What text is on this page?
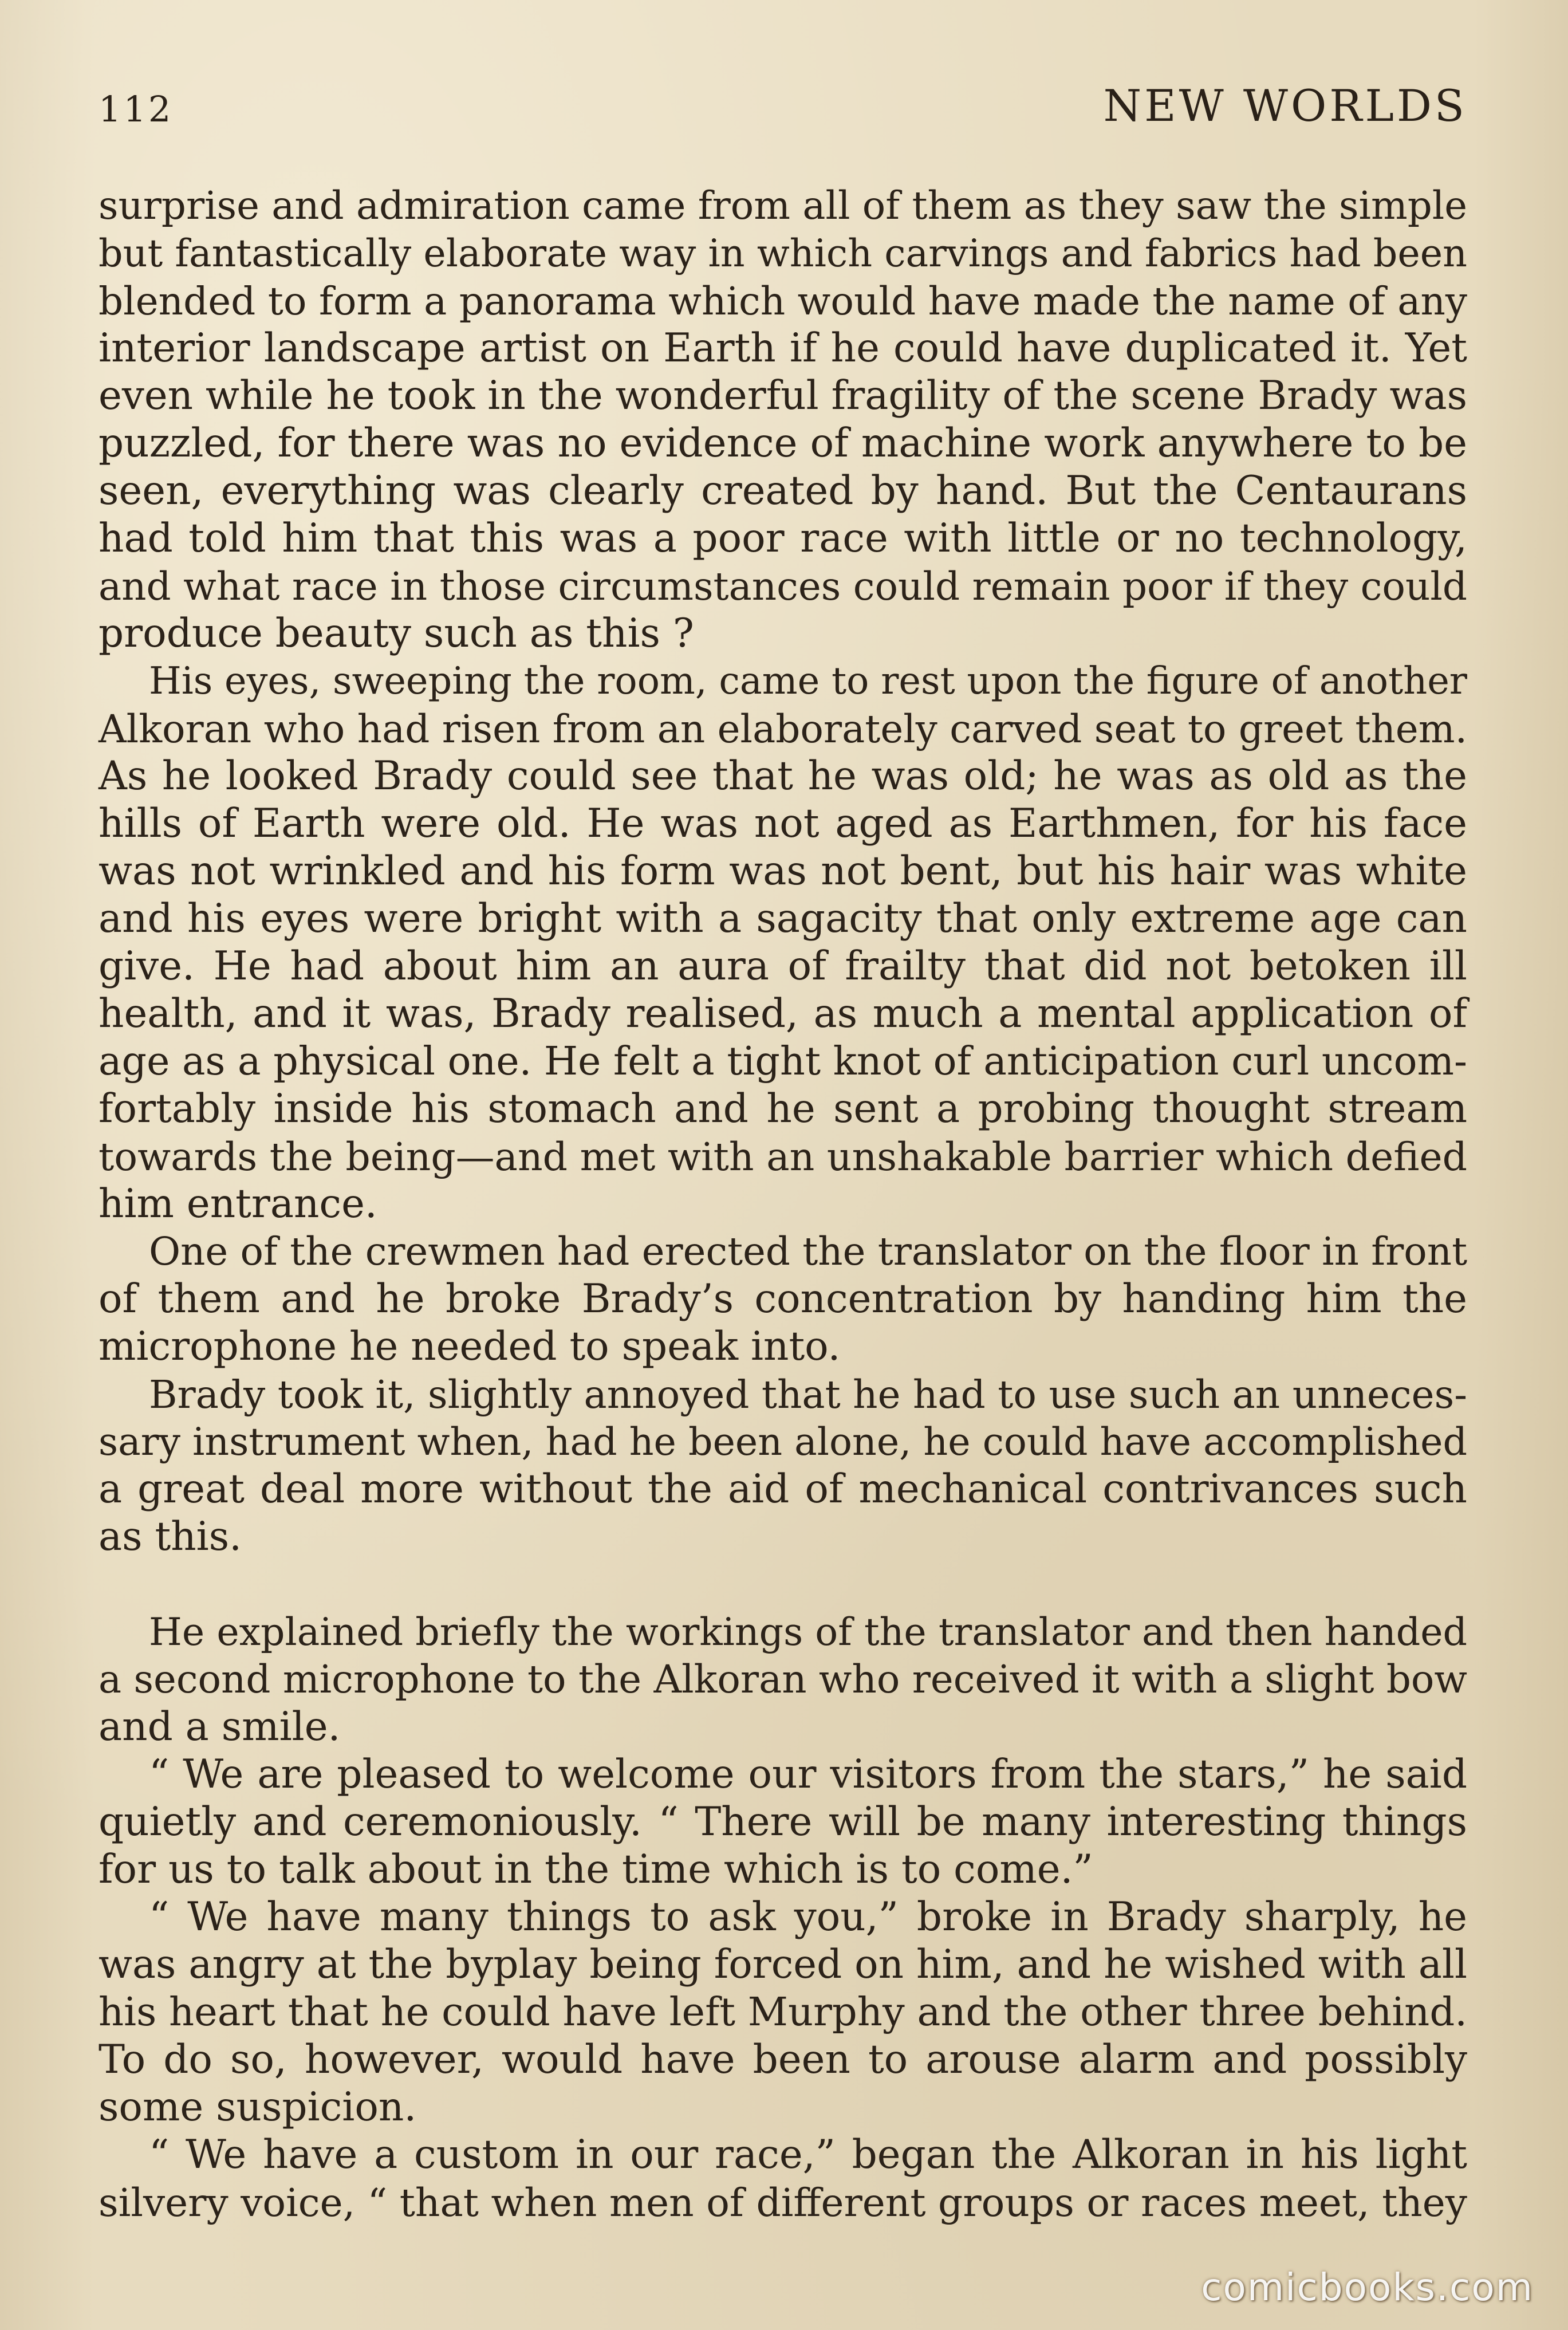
112	NEW WORLDS
surprise and admiration came from all of them as they saw the simple
but fantastically elaborate way in which carvings and fabrics had been
blended to form a panorama which would have made the name of any
interior landscape artist on Earth if he could have duplicated it. Yet
even while he took in the wonderful fragility of the scene Brady was
puzzled, for there was no evidence of machine work anywhere to be
seen, everything was clearly created by hand. But the Centaurans
had told him that this was a poor race with little or no technology,
and what race in those circumstances could remain poor if they could
produce beauty such as this ?
His eyes, sweeping the room, came to rest upon the figure of another
Alkoran who had risen from an elaborately carved seat to greet them.
As he looked Brady could see that he was old; he was as old as the
hills of Earth were old. He was not aged as Earthmen, for his face
was not wrinkled and his form was not bent, but his hair was white
and his eyes were bright with a sagacity that only extreme age can
give. He had about him an aura of frailty that did not betoken ill
health, and it was, Brady realised, as much a mental application of
age as a physical one. He felt a tight knot of anticipation curl uncom-
fortably inside his stomach and he sent a probing thought stream
towards the being—and met with an unshakable barrier which defied
him entrance.
One of the crewmen had erected the translator on the floor in front
of them and he broke Brady’s concentration by handing him the
microphone he needed to speak into.
Brady took it, slightly annoyed that he had to use such an unneces-
sary instrument when, had he been alone, he could have accomplished
a great deal more without the aid of mechanical contrivances such
as this.
He explained briefly the workings of the translator and then handed
a second microphone to the Alkoran who received it with a slight bow
and a smile.
“ We are pleased to welcome our visitors from the stars,” he said
quietly and ceremoniously. “ There will be many interesting things
for us to talk about in the time which is to come.”
“ We have many things to ask you,” broke in Brady sharply, he
was angry at the byplay being forced on him, and he wished with all
his heart that he could have left Murphy and the other three behind.
To do so, however, would have been to arouse alarm and possibly
some suspicion.
“ We have a custom in our race,” began the Alkoran in his light
silvery voice, “ that when men of different groups or races meet, they
comicbooks.com
